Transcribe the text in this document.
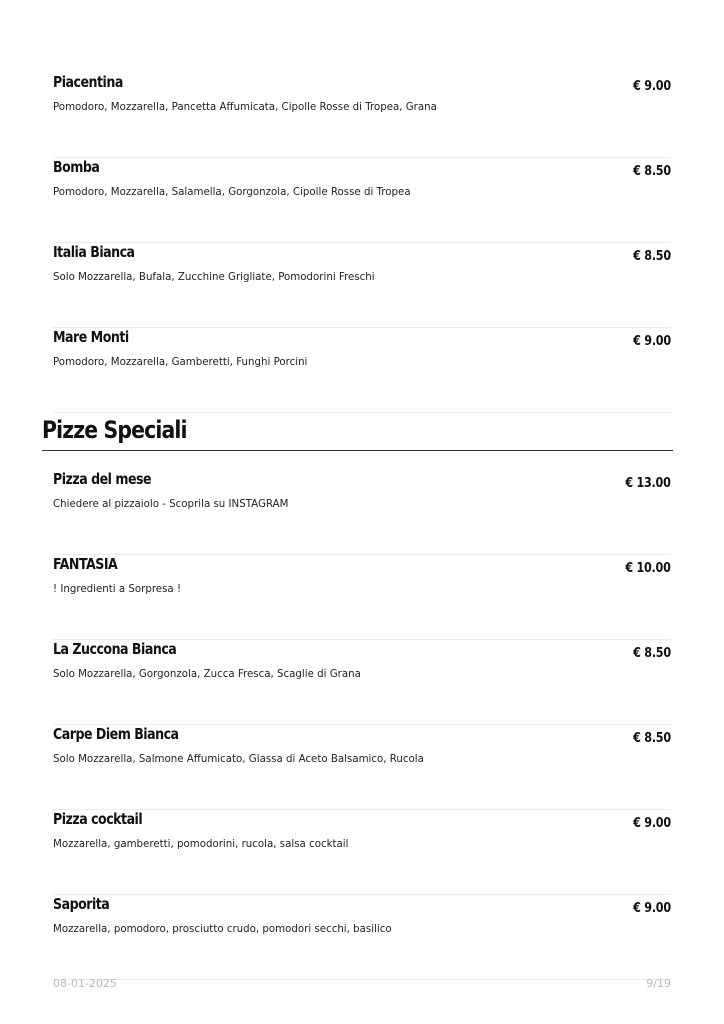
Piacentina	€ 9.00
Pomodoro, Mozzarella, Pancetta Affumicata, Cipolle Rosse di Tropea, Grana
Bomba	€ 8.50
Pomodoro, Mozzarella, Salamella, Gorgonzola, Cipolle Rosse di Tropea
Italia Bianca	€ 8.50
Solo Mozzarella, Bufala, Zucchine Grigliate, Pomodorini Freschi
Mare Monti	€ 9.00
Pomodoro, Mozzarella, Gamberetti, Funghi Porcini
Pizze Speciali
Pizza del mese	€ 13.00
Chiedere al pizzaiolo - Scoprila su INSTAGRAM
FANTASIA	€ 10.00
! Ingredienti a Sorpresa !
La Zuccona Bianca	€ 8.50
Solo Mozzarella, Gorgonzola, Zucca Fresca, Scaglie di Grana
Carpe Diem Bianca	€ 8.50
Solo Mozzarella, Salmone Affumicato, Glassa di Aceto Balsamico, Rucola
Pizza cocktail	€ 9.00
Mozzarella, gamberetti, pomodorini, rucola, salsa cocktail
Saporita	€ 9.00
Mozzarella, pomodoro, prosciutto crudo, pomodori secchi, basilico
08-01-2025	9/19
